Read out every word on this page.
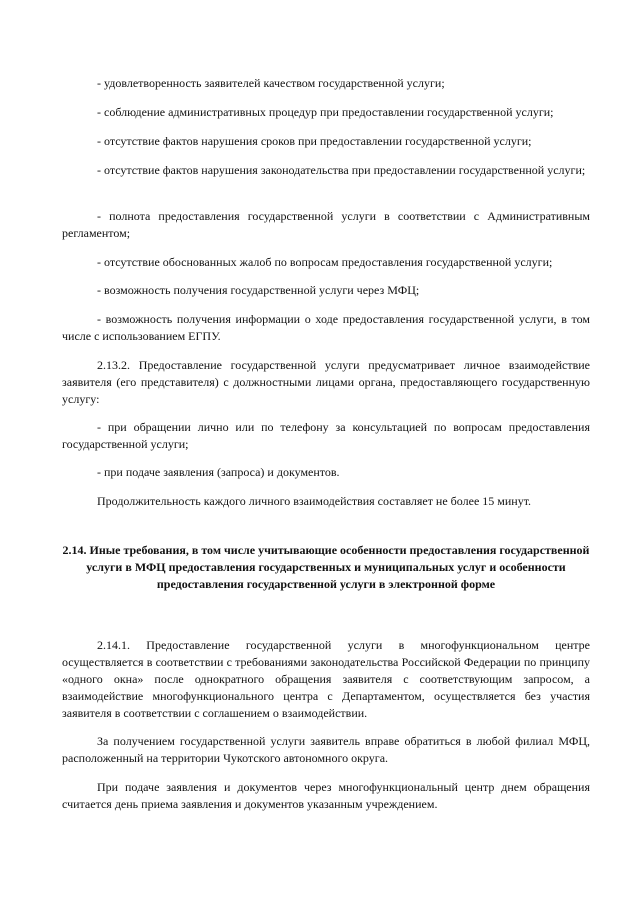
- удовлетворенность заявителей качеством государственной услуги;

- соблюдение административных процедур при предоставлении государственной услуги;

- отсутствие фактов нарушения сроков при предоставлении государственной услуги;

- отсутствие фактов нарушения законодательства при предоставлении государственной услуги;

- полнота предоставления государственной услуги в соответствии с Административным регламентом;

- отсутствие обоснованных жалоб по вопросам предоставления государственной услуги;

- возможность получения государственной услуги через МФЦ;

- возможность получения информации о ходе предоставления государственной услуги, в том числе с использованием ЕГПУ.

2.13.2. Предоставление государственной услуги предусматривает личное взаимодействие заявителя (его представителя) с должностными лицами органа, предоставляющего государственную услугу:

- при обращении лично или по телефону за консультацией по вопросам предоставления государственной услуги;

- при подаче заявления (запроса) и документов.

Продолжительность каждого личного взаимодействия составляет не более 15 минут.

2.14. Иные требования, в том числе учитывающие особенности предоставления государственной услуги в МФЦ предоставления государственных и муниципальных услуг и особенности предоставления государственной услуги в электронной форме

2.14.1. Предоставление государственной услуги в многофункциональном центре осуществляется в соответствии с требованиями законодательства Российской Федерации по принципу «одного окна» после однократного обращения заявителя с соответствующим запросом, а взаимодействие многофункционального центра с Департаментом, осуществляется без участия заявителя в соответствии с соглашением о взаимодействии.

За получением государственной услуги заявитель вправе обратиться в любой филиал МФЦ, расположенный на территории Чукотского автономного округа.

При подаче заявления и документов через многофункциональный центр днем обращения считается день приема заявления и документов указанным учреждением.
